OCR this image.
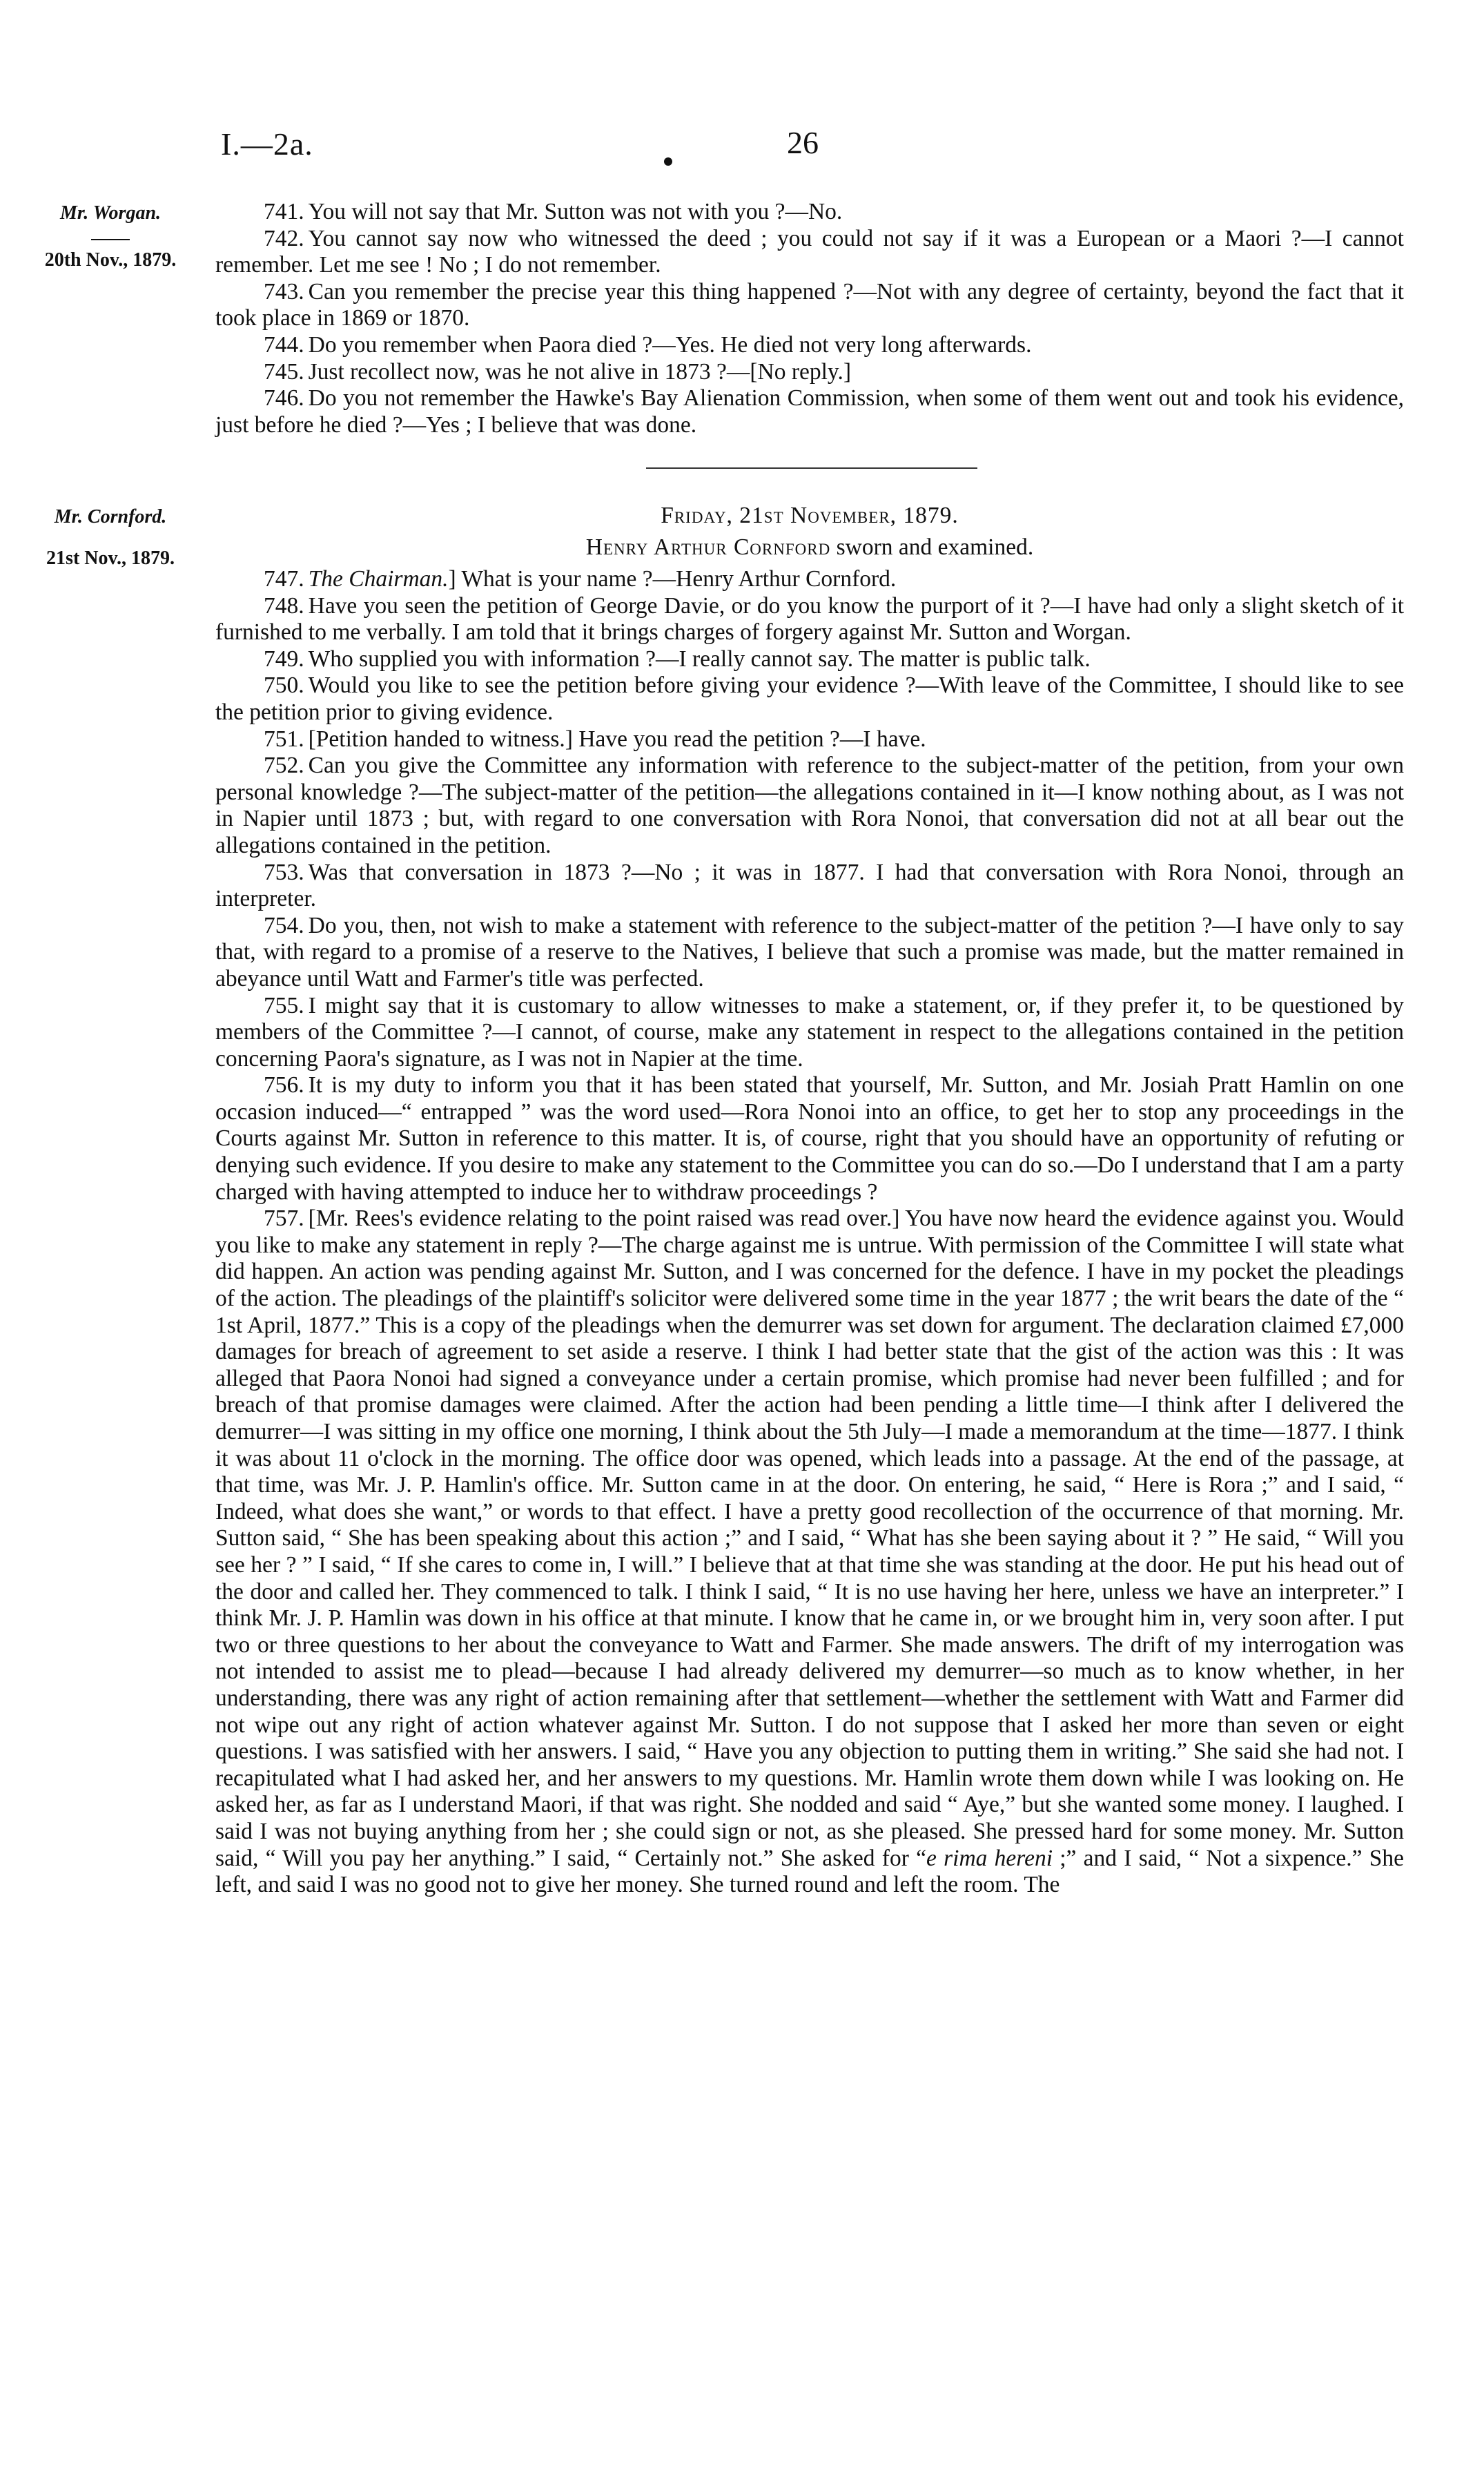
I.—2a.	26
Mr. Worgan.
20th Nov., 1879.

741. You will not say that Mr. Sutton was not with you ?—No.

742. You cannot say now who witnessed the deed ; you could not say if it was a European or a Maori ?—I cannot remember. Let me see ! No ; I do not remember.

743. Can you remember the precise year this thing happened ?—Not with any degree of certainty, beyond the fact that it took place in 1869 or 1870.

744. Do you remember when Paora died ?—Yes. He died not very long afterwards.

745. Just recollect now, was he not alive in 1873 ?—[No reply.]

746. Do you not remember the Hawke's Bay Alienation Commission, when some of them went out and took his evidence, just before he died ?—Yes ; I believe that was done.

Mr. Cornford.
21st Nov., 1879.
Friday, 21st November, 1879.
Henry Arthur Cornford sworn and examined.

747. The Chairman.] What is your name ?—Henry Arthur Cornford.

748. Have you seen the petition of George Davie, or do you know the purport of it ?—I have had only a slight sketch of it furnished to me verbally. I am told that it brings charges of forgery against Mr. Sutton and Worgan.

749. Who supplied you with information ?—I really cannot say. The matter is public talk.

750. Would you like to see the petition before giving your evidence ?—With leave of the Committee, I should like to see the petition prior to giving evidence.

751. [Petition handed to witness.] Have you read the petition ?—I have.

752. Can you give the Committee any information with reference to the subject-matter of the petition, from your own personal knowledge ?—The subject-matter of the petition—the allegations contained in it—I know nothing about, as I was not in Napier until 1873 ; but, with regard to one conversation with Rora Nonoi, that conversation did not at all bear out the allegations contained in the petition.

753. Was that conversation in 1873 ?—No ; it was in 1877. I had that conversation with Rora Nonoi, through an interpreter.

754. Do you, then, not wish to make a statement with reference to the subject-matter of the petition ?—I have only to say that, with regard to a promise of a reserve to the Natives, I believe that such a promise was made, but the matter remained in abeyance until Watt and Farmer's title was perfected.

755. I might say that it is customary to allow witnesses to make a statement, or, if they prefer it, to be questioned by members of the Committee ?—I cannot, of course, make any statement in respect to the allegations contained in the petition concerning Paora's signature, as I was not in Napier at the time.

756. It is my duty to inform you that it has been stated that yourself, Mr. Sutton, and Mr. Josiah Pratt Hamlin on one occasion induced—“ entrapped ” was the word used—Rora Nonoi into an office, to get her to stop any proceedings in the Courts against Mr. Sutton in reference to this matter. It is, of course, right that you should have an opportunity of refuting or denying such evidence. If you desire to make any statement to the Committee you can do so.—Do I understand that I am a party charged with having attempted to induce her to withdraw proceedings ?

757. [Mr. Rees's evidence relating to the point raised was read over.] You have now heard the evidence against you. Would you like to make any statement in reply ?—The charge against me is untrue. With permission of the Committee I will state what did happen. An action was pending against Mr. Sutton, and I was concerned for the defence. I have in my pocket the pleadings of the action. The pleadings of the plaintiff's solicitor were delivered some time in the year 1877 ; the writ bears the date of the “ 1st April, 1877.” This is a copy of the pleadings when the demurrer was set down for argument. The declaration claimed £7,000 damages for breach of agreement to set aside a reserve. I think I had better state that the gist of the action was this : It was alleged that Paora Nonoi had signed a conveyance under a certain promise, which promise had never been fulfilled ; and for breach of that promise damages were claimed. After the action had been pending a little time—I think after I delivered the demurrer—I was sitting in my office one morning, I think about the 5th July—I made a memorandum at the time—1877. I think it was about 11 o'clock in the morning. The office door was opened, which leads into a passage. At the end of the passage, at that time, was Mr. J. P. Hamlin's office. Mr. Sutton came in at the door. On entering, he said, “ Here is Rora ;” and I said, “ Indeed, what does she want,” or words to that effect. I have a pretty good recollection of the occurrence of that morning. Mr. Sutton said, “ She has been speaking about this action ;” and I said, “ What has she been saying about it ? ” He said, “ Will you see her ? ” I said, “ If she cares to come in, I will.” I believe that at that time she was standing at the door. He put his head out of the door and called her. They commenced to talk. I think I said, “ It is no use having her here, unless we have an interpreter.” I think Mr. J. P. Hamlin was down in his office at that minute. I know that he came in, or we brought him in, very soon after. I put two or three questions to her about the conveyance to Watt and Farmer. She made answers. The drift of my interrogation was not intended to assist me to plead—because I had already delivered my demurrer—so much as to know whether, in her understanding, there was any right of action remaining after that settlement—whether the settlement with Watt and Farmer did not wipe out any right of action whatever against Mr. Sutton. I do not suppose that I asked her more than seven or eight questions. I was satisfied with her answers. I said, “ Have you any objection to putting them in writing.” She said she had not. I recapitulated what I had asked her, and her answers to my questions. Mr. Hamlin wrote them down while I was looking on. He asked her, as far as I understand Maori, if that was right. She nodded and said “ Aye,” but she wanted some money. I laughed. I said I was not buying anything from her ; she could sign or not, as she pleased. She pressed hard for some money. Mr. Sutton said, “ Will you pay her anything.” I said, “ Certainly not.” She asked for “e rima hereni ;” and I said, “ Not a sixpence.” She left, and said I was no good not to give her money. She turned round and left the room. The
